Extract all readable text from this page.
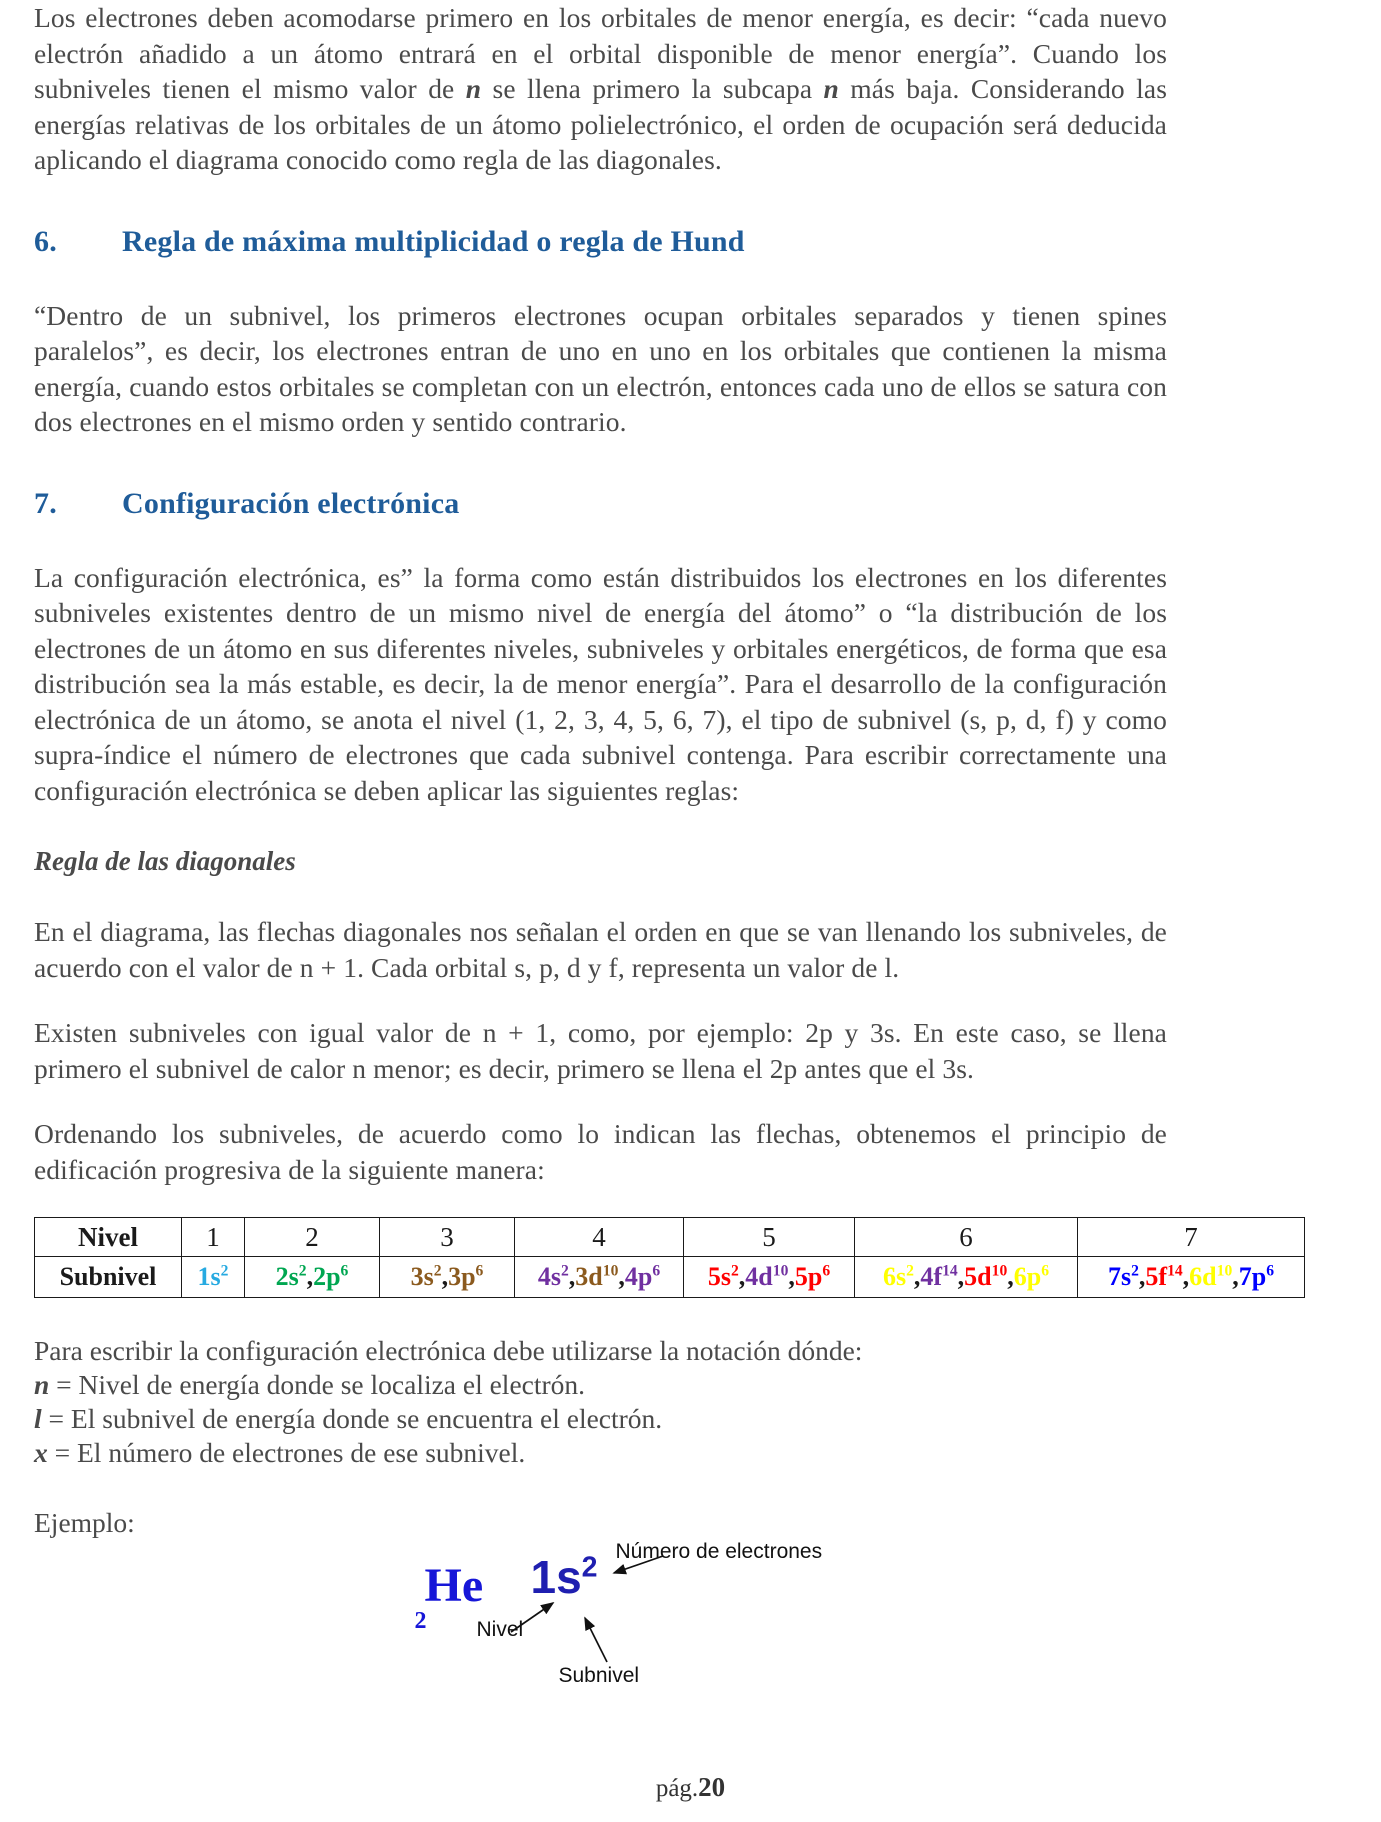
Los electrones deben acomodarse primero en los orbitales de menor energía, es decir: “cada nuevo electrón añadido a un átomo entrará en el orbital disponible de menor energía”. Cuando los subniveles tienen el mismo valor de n se llena primero la subcapa n más baja. Considerando las energías relativas de los orbitales de un átomo polielectrónico, el orden de ocupación será deducida aplicando el diagrama conocido como regla de las diagonales.

6.	Regla de máxima multiplicidad o regla de Hund

“Dentro de un subnivel, los primeros electrones ocupan orbitales separados y tienen spines paralelos”, es decir, los electrones entran de uno en uno en los orbitales que contienen la misma energía, cuando estos orbitales se completan con un electrón, entonces cada uno de ellos se satura con dos electrones en el mismo orden y sentido contrario.

7.	Configuración electrónica

La configuración electrónica, es” la forma como están distribuidos los electrones en los diferentes subniveles existentes dentro de un mismo nivel de energía del átomo” o “la distribución de los electrones de un átomo en sus diferentes niveles, subniveles y orbitales energéticos, de forma que esa distribución sea la más estable, es decir, la de menor energía”. Para el desarrollo de la configuración electrónica de un átomo, se anota el nivel (1, 2, 3, 4, 5, 6, 7), el tipo de subnivel (s, p, d, f) y como supra-índice el número de electrones que cada subnivel contenga. Para escribir correctamente una configuración electrónica se deben aplicar las siguientes reglas:

Regla de las diagonales

En el diagrama, las flechas diagonales nos señalan el orden en que se van llenando los subniveles, de acuerdo con el valor de n + 1. Cada orbital s, p, d y f, representa un valor de l.

Existen subniveles con igual valor de n + 1, como, por ejemplo: 2p y 3s. En este caso, se llena primero el subnivel de calor n menor; es decir, primero se llena el 2p antes que el 3s.

Ordenando los subniveles, de acuerdo como lo indican las flechas, obtenemos el principio de edificación progresiva de la siguiente manera:

Nivel	1	2	3	4	5	6	7
Subnivel	$1s^2$	$2s^2,2p^6$	$3s^2,3p^6$	$4s^2,3d^{10},4p^6$	$5s^2,4d^{10},5p^6$	$6s^2,4f^{14},5d^{10},6p^6$	$7s^2,5f^{14},6d^{10},7p^6$

Para escribir la configuración electrónica debe utilizarse la notación dónde:

n = Nivel de energía donde se localiza el electrón.

l = El subnivel de energía donde se encuentra el electrón.

x = El número de electrones de ese subnivel.

Ejemplo:

He
2
$1s^2$
Número de electrones
Nivel
Subnivel
pág.20
